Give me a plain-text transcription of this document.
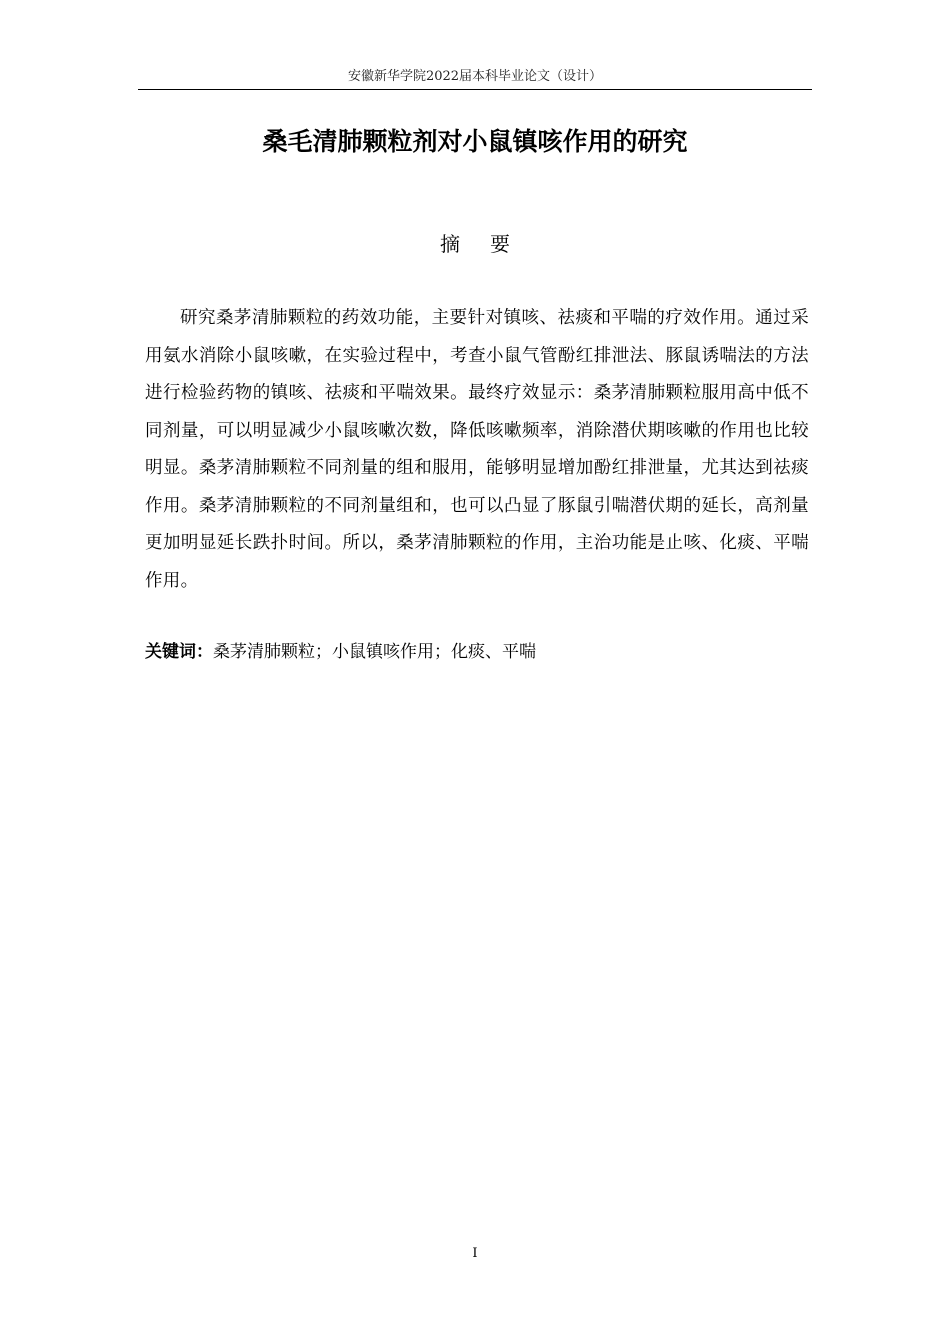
安徽新华学院2022届本科毕业论文（设计）
桑毛清肺颗粒剂对小鼠镇咳作用的研究
摘要

研究桑茅清肺颗粒的药效功能，主要针对镇咳、祛痰和平喘的疗效作用。通过采用氨水消除小鼠咳嗽，在实验过程中，考查小鼠气管酚红排泄法、豚鼠诱喘法的方法进行检验药物的镇咳、祛痰和平喘效果。最终疗效显示：桑茅清肺颗粒服用高中低不同剂量，可以明显减少小鼠咳嗽次数，降低咳嗽频率，消除潜伏期咳嗽的作用也比较明显。桑茅清肺颗粒不同剂量的组和服用，能够明显增加酚红排泄量，尤其达到祛痰作用。桑茅清肺颗粒的不同剂量组和，也可以凸显了豚鼠引喘潜伏期的延长，高剂量更加明显延长跌扑时间。所以，桑茅清肺颗粒的作用，主治功能是止咳、化痰、平喘作用。

关键词：桑茅清肺颗粒；小鼠镇咳作用；化痰、平喘
I
